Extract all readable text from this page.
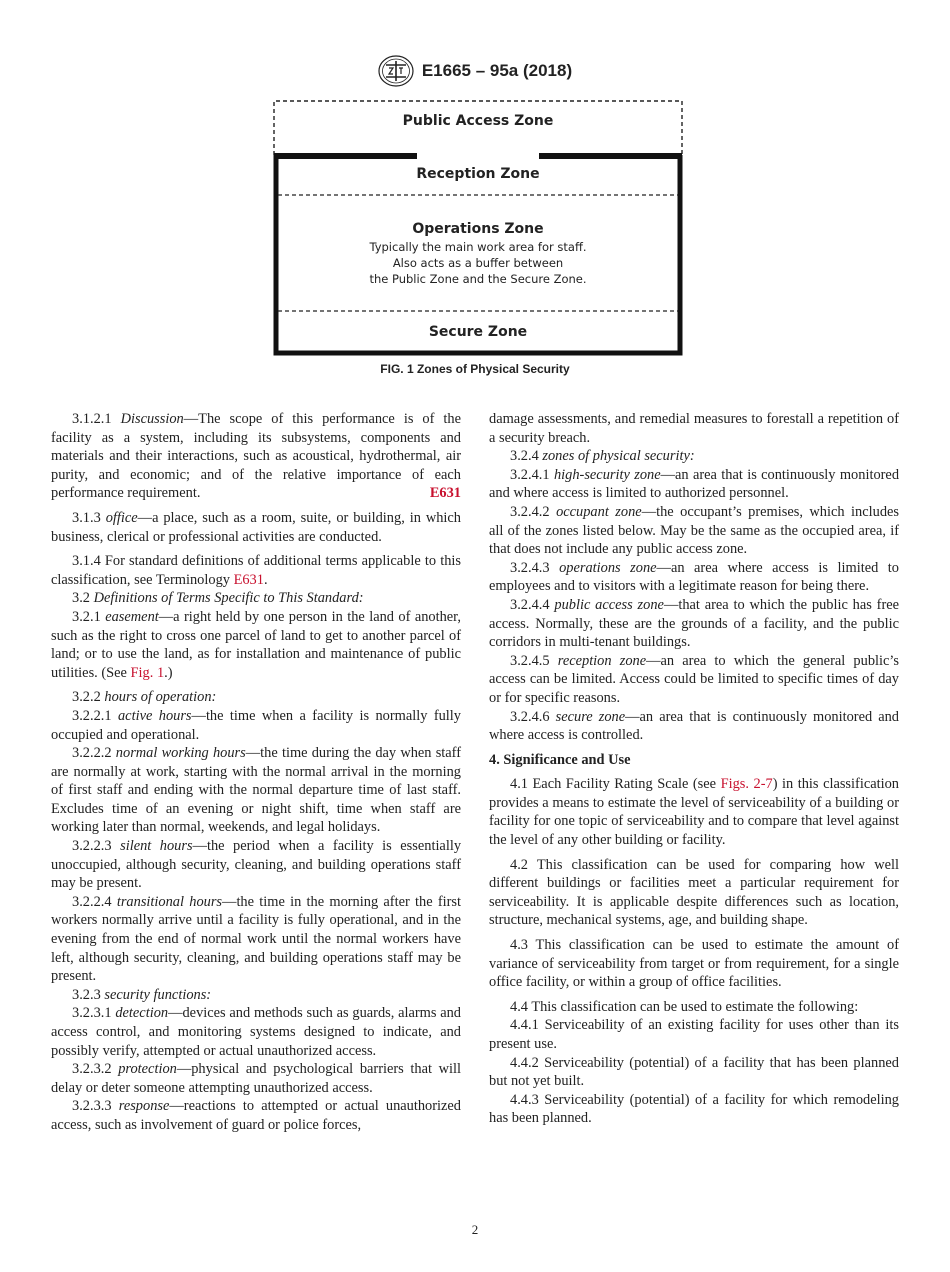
E1665 – 95a (2018)
Public Access Zone
Reception Zone
Operations Zone
Typically the main work area for staff.
Also acts as a buffer between
the Public Zone and the Secure Zone.
Secure Zone
FIG. 1 Zones of Physical Security

3.1.2.1 Discussion—The scope of this performance is of the facility as a system, including its subsystems, components and materials and their interactions, such as acoustical, hydrothermal, air purity, and economic; and of the relative importance of each performance requirement.	E631

3.1.3 office—a place, such as a room, suite, or building, in which business, clerical or professional activities are conducted.

3.1.4 For standard definitions of additional terms applicable to this classification, see Terminology E631.

3.2 Definitions of Terms Specific to This Standard:

3.2.1 easement—a right held by one person in the land of another, such as the right to cross one parcel of land to get to another parcel of land; or to use the land, as for installation and maintenance of public utilities. (See Fig. 1.)

3.2.2 hours of operation:

3.2.2.1 active hours—the time when a facility is normally fully occupied and operational.

3.2.2.2 normal working hours—the time during the day when staff are normally at work, starting with the normal arrival in the morning of first staff and ending with the normal departure time of last staff. Excludes time of an evening or night shift, time when staff are working later than normal, weekends, and legal holidays.

3.2.2.3 silent hours—the period when a facility is essentially unoccupied, although security, cleaning, and building operations staff may be present.

3.2.2.4 transitional hours—the time in the morning after the first workers normally arrive until a facility is fully operational, and in the evening from the end of normal work until the normal workers have left, although security, cleaning, and building operations staff may be present.

3.2.3 security functions:

3.2.3.1 detection—devices and methods such as guards, alarms and access control, and monitoring systems designed to indicate, and possibly verify, attempted or actual unauthorized access.

3.2.3.2 protection—physical and psychological barriers that will delay or deter someone attempting unauthorized access.

3.2.3.3 response—reactions to attempted or actual unauthorized access, such as involvement of guard or police forces,

damage assessments, and remedial measures to forestall a repetition of a security breach.

3.2.4 zones of physical security:

3.2.4.1 high-security zone—an area that is continuously monitored and where access is limited to authorized personnel.

3.2.4.2 occupant zone—the occupant’s premises, which includes all of the zones listed below. May be the same as the occupied area, if that does not include any public access zone.

3.2.4.3 operations zone—an area where access is limited to employees and to visitors with a legitimate reason for being there.

3.2.4.4 public access zone—that area to which the public has free access. Normally, these are the grounds of a facility, and the public corridors in multi-tenant buildings.

3.2.4.5 reception zone—an area to which the general public’s access can be limited. Access could be limited to specific times of day or for specific reasons.

3.2.4.6 secure zone—an area that is continuously monitored and where access is controlled.

4. Significance and Use

4.1 Each Facility Rating Scale (see Figs. 2-7) in this classification provides a means to estimate the level of serviceability of a building or facility for one topic of serviceability and to compare that level against the level of any other building or facility.

4.2 This classification can be used for comparing how well different buildings or facilities meet a particular requirement for serviceability. It is applicable despite differences such as location, structure, mechanical systems, age, and building shape.

4.3 This classification can be used to estimate the amount of variance of serviceability from target or from requirement, for a single office facility, or within a group of office facilities.

4.4 This classification can be used to estimate the following:

4.4.1 Serviceability of an existing facility for uses other than its present use.

4.4.2 Serviceability (potential) of a facility that has been planned but not yet built.

4.4.3 Serviceability (potential) of a facility for which remodeling has been planned.

2
